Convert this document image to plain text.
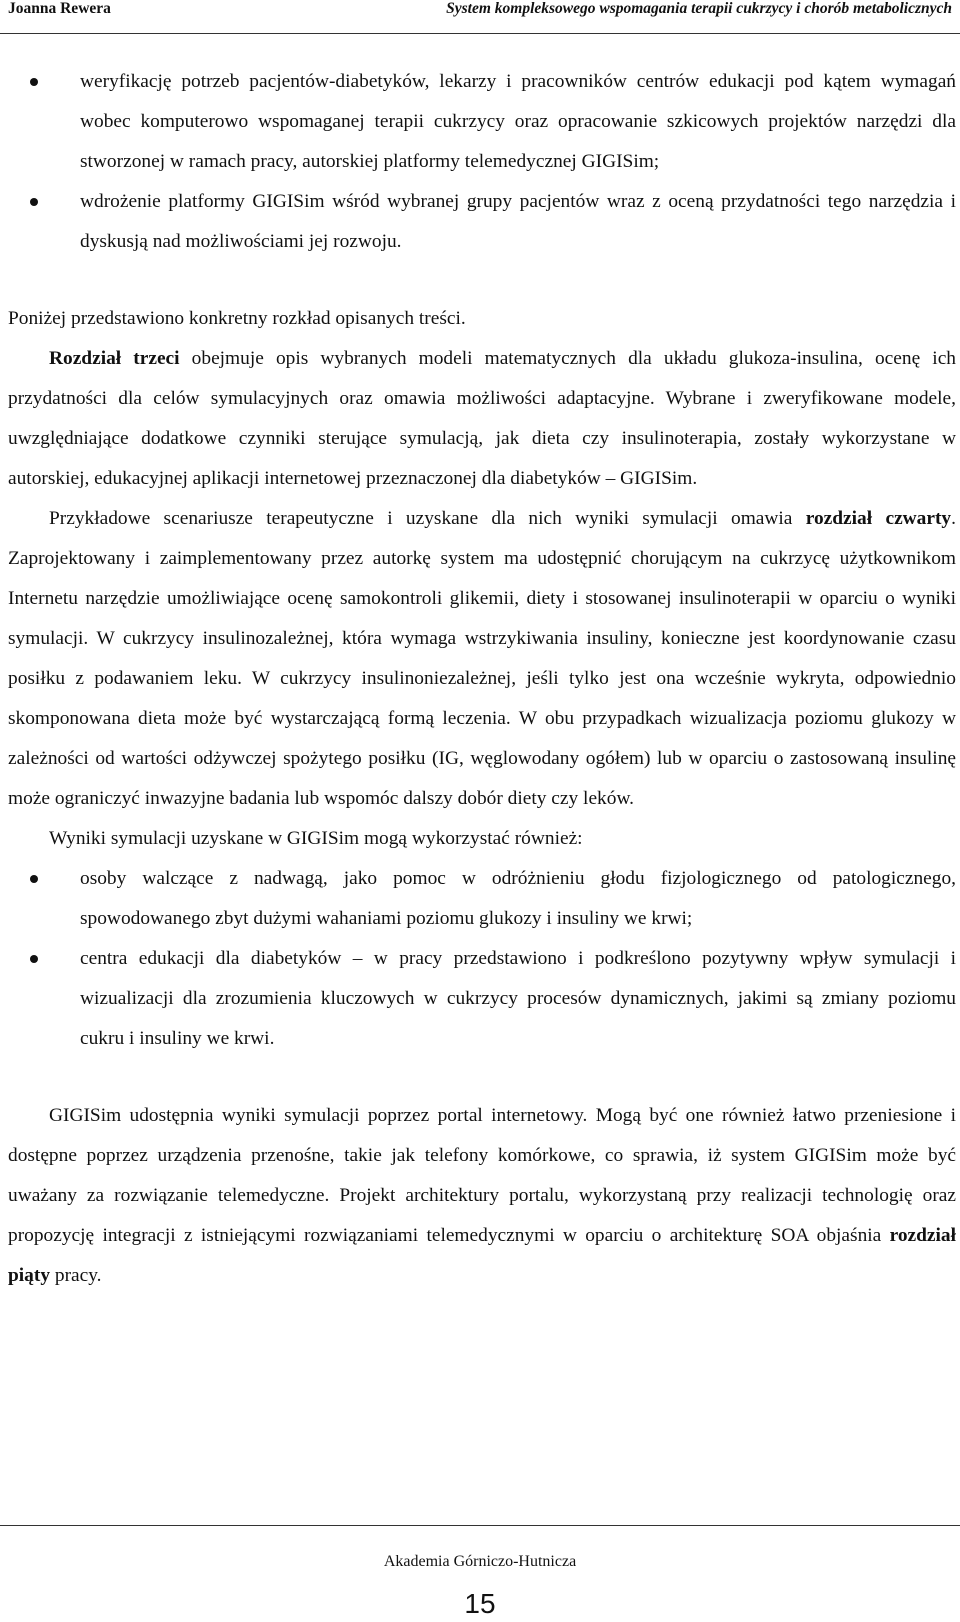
Joanna Rewera	System kompleksowego wspomagania terapii cukrzycy i chorób metabolicznych
weryfikację potrzeb pacjentów-diabetyków, lekarzy i pracowników centrów edukacji pod kątem wymagań wobec komputerowo wspomaganej terapii cukrzycy oraz opracowanie szkicowych projektów narzędzi dla stworzonej w ramach pracy, autorskiej platformy telemedycznej GIGISim;
wdrożenie platformy GIGISim wśród wybranej grupy pacjentów wraz z oceną przydatności tego narzędzia i dyskusją nad możliwościami jej rozwoju.

Poniżej przedstawiono konkretny rozkład opisanych treści.

Rozdział trzeci obejmuje opis wybranych modeli matematycznych dla układu glukoza-insulina, ocenę ich przydatności dla celów symulacyjnych oraz omawia możliwości adaptacyjne. Wybrane i zweryfikowane modele, uwzględniające dodatkowe czynniki sterujące symulacją, jak dieta czy insulinoterapia, zostały wykorzystane w autorskiej, edukacyjnej aplikacji internetowej przeznaczonej dla diabetyków – GIGISim.

Przykładowe scenariusze terapeutyczne i uzyskane dla nich wyniki symulacji omawia rozdział czwarty. Zaprojektowany i zaimplementowany przez autorkę system ma udostępnić chorującym na cukrzycę użytkownikom Internetu narzędzie umożliwiające ocenę samokontroli glikemii, diety i stosowanej insulinoterapii w oparciu o wyniki symulacji. W cukrzycy insulinozależnej, która wymaga wstrzykiwania insuliny, konieczne jest koordynowanie czasu posiłku z podawaniem leku. W cukrzycy insulinoniezależnej, jeśli tylko jest ona wcześnie wykryta, odpowiednio skomponowana dieta może być wystarczającą formą leczenia. W obu przypadkach wizualizacja poziomu glukozy w zależności od wartości odżywczej spożytego posiłku (IG, węglowodany ogółem) lub w oparciu o zastosowaną insulinę może ograniczyć inwazyjne badania lub wspomóc dalszy dobór diety czy leków.

Wyniki symulacji uzyskane w GIGISim mogą wykorzystać również:

osoby walczące z nadwagą, jako pomoc w odróżnieniu głodu fizjologicznego od patologicznego, spowodowanego zbyt dużymi wahaniami poziomu glukozy i insuliny we krwi;
centra edukacji dla diabetyków – w pracy przedstawiono i podkreślono pozytywny wpływ symulacji i wizualizacji dla zrozumienia kluczowych w cukrzycy procesów dynamicznych, jakimi są zmiany poziomu cukru i insuliny we krwi.

GIGISim udostępnia wyniki symulacji poprzez portal internetowy. Mogą być one również łatwo przeniesione i dostępne poprzez urządzenia przenośne, takie jak telefony komórkowe, co sprawia, iż system GIGISim może być uważany za rozwiązanie telemedyczne. Projekt architektury portalu, wykorzystaną przy realizacji technologię oraz propozycję integracji z istniejącymi rozwiązaniami telemedycznymi w oparciu o architekturę SOA objaśnia rozdział piąty pracy.

Akademia Górniczo-Hutnicza
15
